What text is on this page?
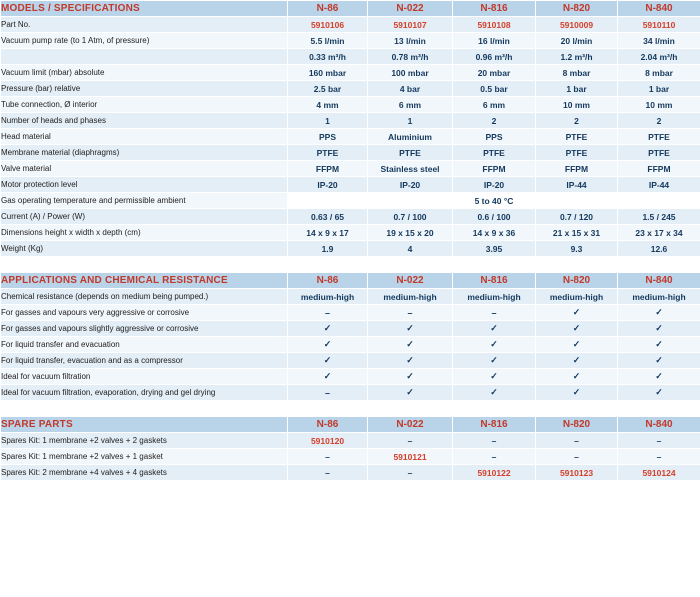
MODELS / SPECIFICATIONS	N-86	N-022	N-816	N-820	N-840
Part No.	5910106	5910107	5910108	5910009	5910110
Vacuum pump rate (to 1 Atm, of pressure)	5.5 l/min	13 l/min	16 l/min	20 l/min	34 l/min
	0.33 m³/h	0.78 m³/h	0.96 m³/h	1.2 m³/h	2.04 m³/h
Vacuum limit (mbar) absolute	160 mbar	100 mbar	20 mbar	8 mbar	8 mbar
Pressure (bar) relative	2.5 bar	4 bar	0.5 bar	1 bar	1 bar
Tube connection, Ø interior	4 mm	6 mm	6 mm	10 mm	10 mm
Number of heads and phases	1	1	2	2	2
Head material	PPS	Aluminium	PPS	PTFE	PTFE
Membrane material (diaphragms)	PTFE	PTFE	PTFE	PTFE	PTFE
Valve material	FFPM	Stainless steel	FFPM	FFPM	FFPM
Motor protection level	IP-20	IP-20	IP-20	IP-44	IP-44
Gas operating temperature and permissible ambient	5 to 40 °C				
Current (A) / Power (W)	0.63 / 65	0.7 / 100	0.6 / 100	0.7 / 120	1.5 / 245
Dimensions height x width x depth (cm)	14 x 9 x 17	19 x 15 x 20	14 x 9 x 36	21 x 15 x 31	23 x 17 x 34
Weight (Kg)	1.9	4	3.95	9.3	12.6

APPLICATIONS AND CHEMICAL RESISTANCE	N-86	N-022	N-816	N-820	N-840
Chemical resistance (depends on medium being pumped.)	medium-high	medium-high	medium-high	medium-high	medium-high
For gasses and vapours very aggressive or corrosive	–	–	–	✓	✓
For gasses and vapours slightly aggressive or corrosive	✓	✓	✓	✓	✓
For liquid transfer and evacuation	✓	✓	✓	✓	✓
For liquid transfer, evacuation and as a compressor	✓	✓	✓	✓	✓
Ideal for vacuum filtration	✓	✓	✓	✓	✓
Ideal for vacuum filtration, evaporation, drying and gel drying	–	✓	✓	✓	✓

SPARE PARTS	N-86	N-022	N-816	N-820	N-840
Spares Kit: 1 membrane +2 valves + 2 gaskets	5910120	–	–	–	–
Spares Kit: 1 membrane +2 valves + 1 gasket	–	5910121	–	–	–
Spares Kit: 2 membrane +4 valves + 4 gaskets	–	–	5910122	5910123	5910124
